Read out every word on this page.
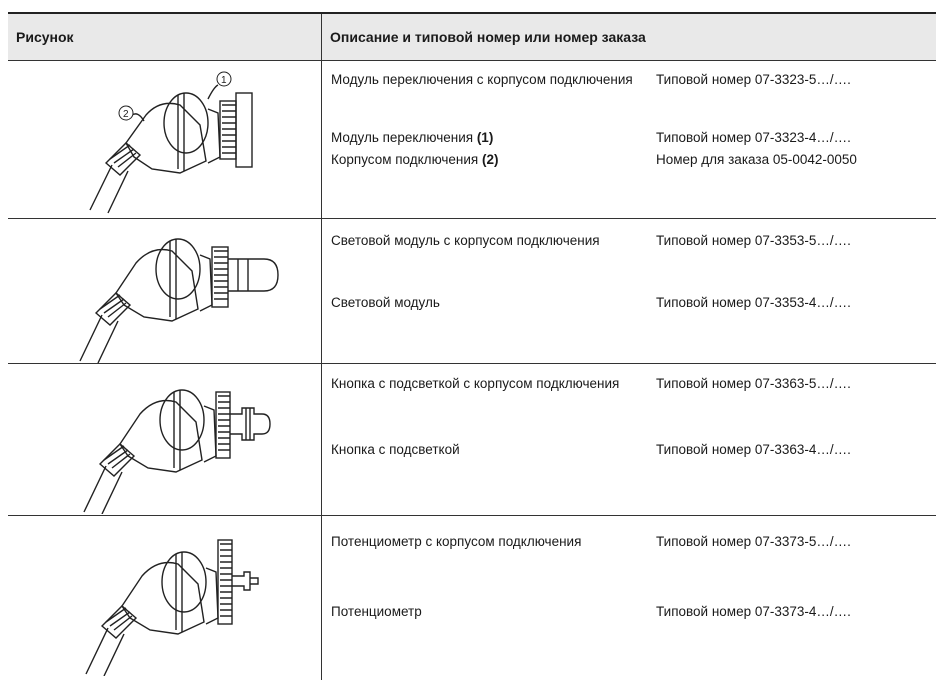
Рисунок	Описание и типовой номер или номер заказа
1
2
Модуль переключения с корпусом подключения	Типовой номер 07-3323-5…/….
Модуль переключения (1)	Типовой номер 07-3323-4…/….
Корпусом подключения (2)	Номер для заказа 05-0042-0050
Световой модуль с корпусом подключения	Типовой номер 07-3353-5…/….
Световой модуль	Типовой номер 07-3353-4…/….
Кнопка с подсветкой с корпусом подключения	Типовой номер 07-3363-5…/….
Кнопка с подсветкой	Типовой номер 07-3363-4…/….
Потенциометр с корпусом подключения	Типовой номер 07-3373-5…/….
Потенциометр	Типовой номер 07-3373-4…/….
